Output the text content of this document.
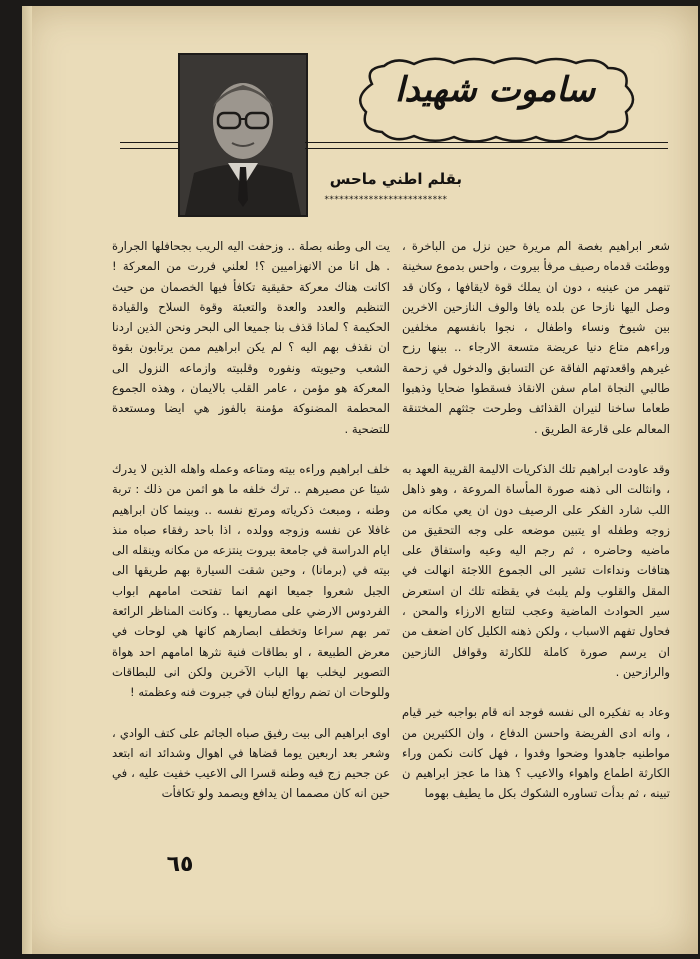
ساموت شهيدا
بقلم اطني ماحس
*************************

شعر ابراهيم بغصة الم مريرة حين نزل من الباخرة ، ووطئت قدماه رصيف مرفأ بيروت ، واحس بدموع سخينة تنهمر من عينيه ، دون ان يملك قوة لايقافها ، وكان قد وصل اليها نازحا عن بلده يافا والوف النازحين الاخرين بين شيوخ ونساء واطفال ، نجوا بانفسهم مخلفين وراءهم متاع دنيا عريضة متسعة الارجاء .. بينها رزح غيرهم واقعدتهم الفاقة عن التسابق والدخول في زحمة طالبي النجاة امام سفن الانقاذ فسقطوا ضحايا وذهبوا طعاما ساخنا لنيران القذائف وطرحت جثثهم المختنقة المعالم على قارعة الطريق .

وقد عاودت ابراهيم تلك الذكريات الاليمة القريبة العهد به ، وانثالت الى ذهنه صورة المأساة المروعة ، وهو ذاهل اللب شارد الفكر على الرصيف دون ان يعي مكانه من زوجه وطفله او يتبين موضعه على وجه التحقيق من ماضيه وحاضره ، ثم رجم اليه وعيه واستفاق على هتافات ونداءات تشير الى الجموع اللاجئة انهالت في المقل والقلوب ولم يلبث في يقظته تلك ان استعرض سير الحوادث الماضية وعجب لتتابع الارزاء والمحن ، فحاول تفهم الاسباب ، ولكن ذهنه الكليل كان اضعف من ان يرسم صورة كاملة للكارثة وقوافل النازحين والرازحين .

وعاد به تفكيره الى نفسه فوجد انه قام بواجبه خير قيام ، وانه ادى الفريضة واحسن الدفاع ، وان الكثيرين من مواطنيه جاهدوا وضحوا وفدوا ، فهل كانت نكمن وراء الكارثة اطماع واهواء والاعيب ؟ هذا ما عجز ابراهيم ن تبينه ، ثم بدأت تساوره الشكوك بكل ما يطيف بهوما

يت الى وطنه بصلة .. وزحفت اليه الريب بجحافلها الجرارة . هل انا من الانهزاميين ؟! لعلني فررت من المعركة ! اكانت هناك معركة حقيقية تكافأ فيها الخصمان من حيث التنظيم والعدد والعدة والتعبئة وقوة السلاح والقيادة الحكيمة ؟ لماذا قذف بنا جميعا الى البحر ونحن الذين اردنا ان نقذف بهم اليه ؟ لم يكن ابراهيم ممن يرتابون بقوة الشعب وحيويته ونفوره وقلبيته وازماعه النزول الى المعركة هو مؤمن ، عامر القلب بالايمان ، وهذه الجموع المحطمة المضنوكة مؤمنة بالفوز هي ايضا ومستعدة للتضحية .

خلف ابراهيم وراءه بيته ومتاعه وعمله واهله الذين لا يدرك شيئا عن مصيرهم .. ترك خلفه ما هو اثمن من ذلك : تربة وطنه ، ومبعث ذكرياته ومرتع نفسه .. وبينما كان ابراهيم غافلا عن نفسه وزوجه وولده ، اذا باحد رفقاء صباه منذ ايام الدراسة في جامعة بيروت ينتزعه من مكانه وينقله الى بيته في (برمانا) ، وحين شقت السيارة بهم طريقها الى الجبل شعروا جميعا انهم انما تفتحت امامهم ابواب الفردوس الارضي على مصاريعها .. وكانت المناظر الرائعة تمر بهم سراعا وتخطف ابصارهم كانها هي لوحات في معرض الطبيعة ، او بطاقات فنية نثرها امامهم احد هواة التصوير ليخلب بها الباب الآخرين ولكن انى للبطاقات وللوحات ان تضم روائع لبنان في جبروت فنه وعظمته !

اوى ابراهيم الى بيت رفيق صباه الجاثم على كتف الوادي ، وشعر بعد اربعين يوما قضاها في اهوال وشدائد انه ابتعد عن جحيم زج فيه وطنه قسرا الى الاعيب خفيت عليه ، في حين انه كان مصمما ان يدافع ويصمد ولو تكافأت

٦٥
